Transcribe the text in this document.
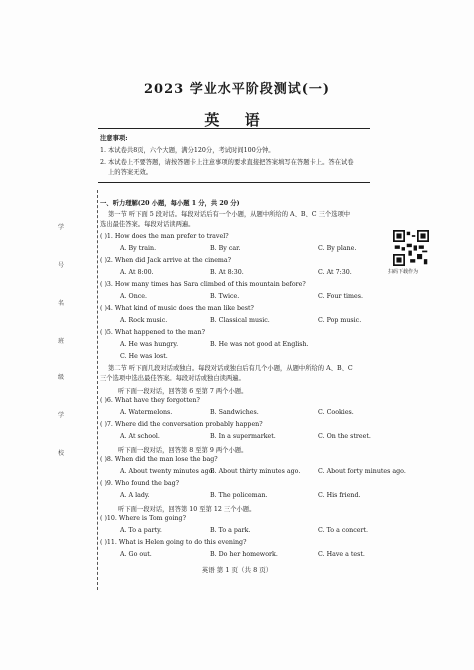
学
号
名
班
级
学
校
2023 学业水平阶段测试(一)
英 语
注意事项:
1. 本试卷共8页，六个大题，满分120分，考试时间100分钟。
2. 本试卷上不要答题，请按答题卡上注意事项的要求直接把答案填写在答题卡上。答在试卷
上的答案无效。
一、听力理解(20 小题，每小题 1 分，共 20 分)
第一节 听下面 5 段对话。每段对话后有一个小题，从题中所给的 A、B、C 三个选项中
选出最佳答案。每段对话读两遍。
扫码下载作为
( )1. How does the man prefer to travel?
A. By train.	B. By car.	C. By plane.
( )2. When did Jack arrive at the cinema?
A. At 8:00.	B. At 8:30.	C. At 7:30.
( )3. How many times has Sara climbed of this mountain before?
A. Once.	B. Twice.	C. Four times.
( )4. What kind of music does the man like best?
A. Rock music.	B. Classical music.	C. Pop music.
( )5. What happened to the man?
A. He was hungry.	B. He was not good at English.
C. He was lost.
第二节 听下面几段对话或独白。每段对话或独白后有几个小题，从题中所给的 A、B、C
三个选项中选出最佳答案。每段对话或独白读两遍。
听下面一段对话，回答第 6 至第 7 两个小题。
( )6. What have they forgotten?
A. Watermelons.	B. Sandwiches.	C. Cookies.
( )7. Where did the conversation probably happen?
A. At school.	B. In a supermarket.	C. On the street.
听下面一段对话，回答第 8 至第 9 两个小题。
( )8. When did the man lose the bag?
A. About twenty minutes ago.
B. About thirty minutes ago.	C. About forty minutes ago.
( )9. Who found the bag?
A. A lady.	B. The policeman.	C. His friend.
听下面一段对话，回答第 10 至第 12 三个小题。
( )10. Where is Tom going?
A. To a party.	B. To a park.	C. To a concert.
( )11. What is Helen going to do this evening?
英语 第 1 页（共 8 页）
A. Go out.	B. Do her homework.	C. Have a test.
